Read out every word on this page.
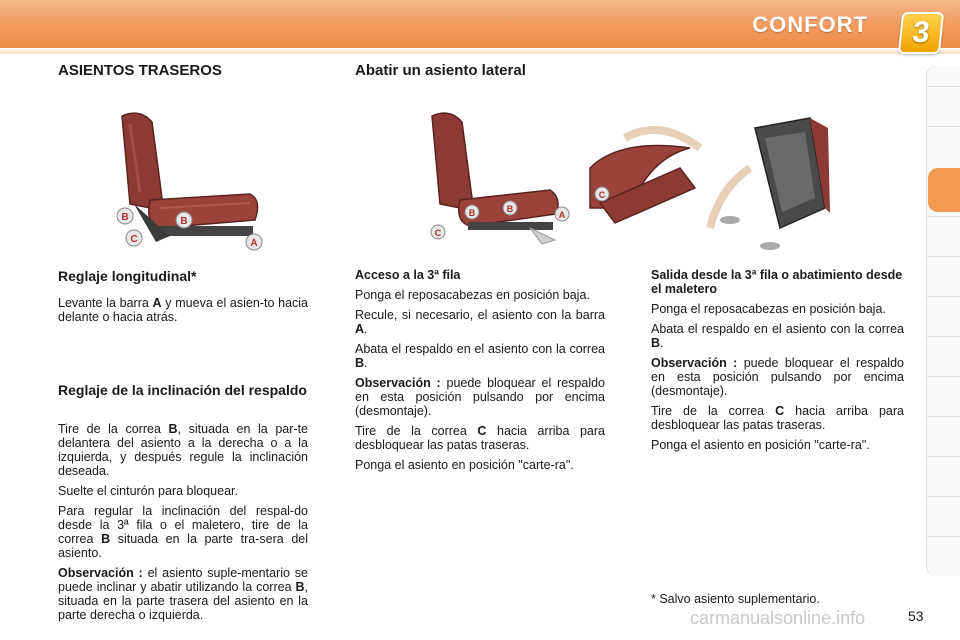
CONFORT	3
ASIENTOS TRASEROS	Abatir un asiento lateral
B	B
C	A
B	B
C
A
C
Reglaje longitudinal*

Levante la barra A y mueva el asien-to hacia delante o hacia atrás.

Reglaje de la inclinación del respaldo

Tire de la correa B, situada en la par-te delantera del asiento a la derecha o a la izquierda, y después regule la inclinación deseada.

Suelte el cinturón para bloquear.

Para regular la inclinación del respal-do desde la 3ª fila o el maletero, tire de la correa B situada en la parte tra-sera del asiento.

Observación : el asiento suple-mentario se puede inclinar y abatir utilizando la correa B, situada en la parte trasera del asiento en la parte derecha o izquierda.

Acceso a la 3ª fila

Ponga el reposacabezas en posición baja.

Recule, si necesario, el asiento con la barra A.

Abata el respaldo en el asiento con la correa B.

Observación : puede bloquear el respaldo en esta posición pulsando por encima (desmontaje).

Tire de la correa C hacia arriba para desbloquear las patas traseras.

Ponga el asiento en posición "carte-ra".

Salida desde la 3ª fila o abatimiento desde el maletero

Ponga el reposacabezas en posición baja.

Abata el respaldo en el asiento con la correa B.

Observación : puede bloquear el respaldo en esta posición pulsando por encima (desmontaje).

Tire de la correa C hacia arriba para desbloquear las patas traseras.

Ponga el asiento en posición "carte-ra".

* Salvo asiento suplementario.
carmanualsonline.info	53
